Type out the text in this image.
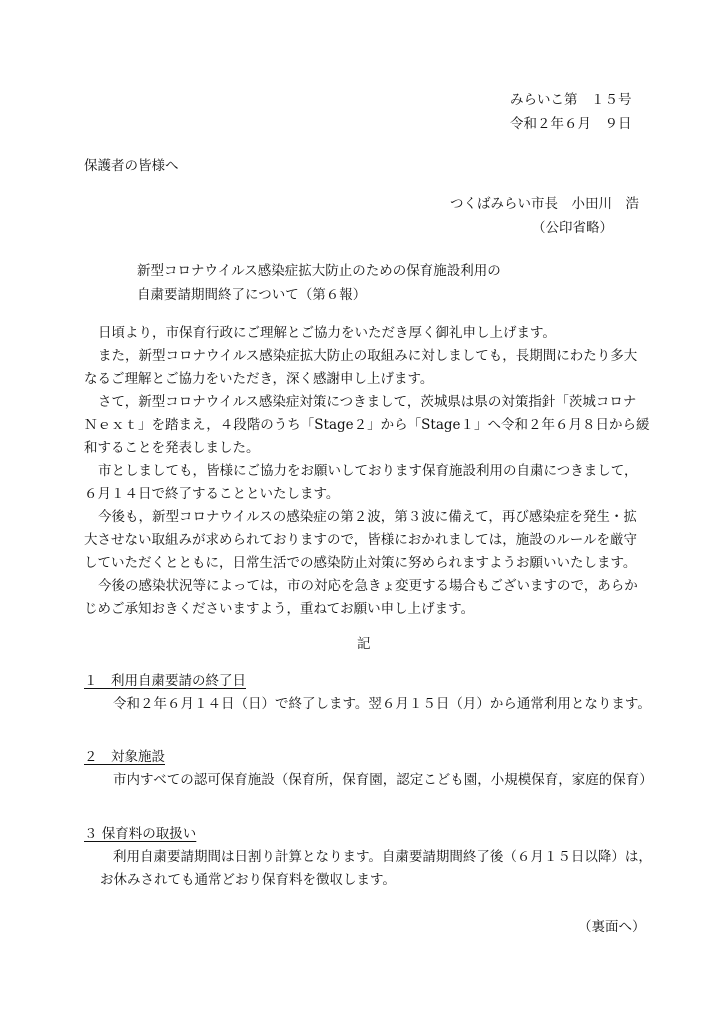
みらいこ第　１５号
令和２年６月　９日
保護者の皆様へ
つくばみらい市長　小田川　浩
（公印省略）
新型コロナウイルス感染症拡大防止のための保育施設利用の
自粛要請期間終了について（第６報）
日頃より，市保育行政にご理解とご協力をいただき厚く御礼申し上げます。
また，新型コロナウイルス感染症拡大防止の取組みに対しましても，長期間にわたり多大
なるご理解とご協力をいただき，深く感謝申し上げます。
さて，新型コロナウイルス感染症対策につきまして，茨城県は県の対策指針「茨城コロナ
Ｎｅｘｔ」を踏まえ，４段階のうち「Stage２」から「Stage１」へ令和２年６月８日から緩
和することを発表しました。
市としましても，皆様にご協力をお願いしております保育施設利用の自粛につきまして，
６月１４日で終了することといたします。
今後も，新型コロナウイルスの感染症の第２波，第３波に備えて，再び感染症を発生・拡
大させない取組みが求められておりますので，皆様におかれましては，施設のルールを厳守
していただくとともに，日常生活での感染防止対策に努められますようお願いいたします。
今後の感染状況等によっては，市の対応を急きょ変更する場合もございますので，あらか
じめご承知おきくださいますよう，重ねてお願い申し上げます。
記
１　利用自粛要請の終了日
令和２年６月１４日（日）で終了します。翌６月１５日（月）から通常利用となります。
２　対象施設
市内すべての認可保育施設（保育所，保育園，認定こども園，小規模保育，家庭的保育）
３ 保育料の取扱い
利用自粛要請期間は日割り計算となります。自粛要請期間終了後（６月１５日以降）は，
お休みされても通常どおり保育料を徴収します。
（裏面へ）
